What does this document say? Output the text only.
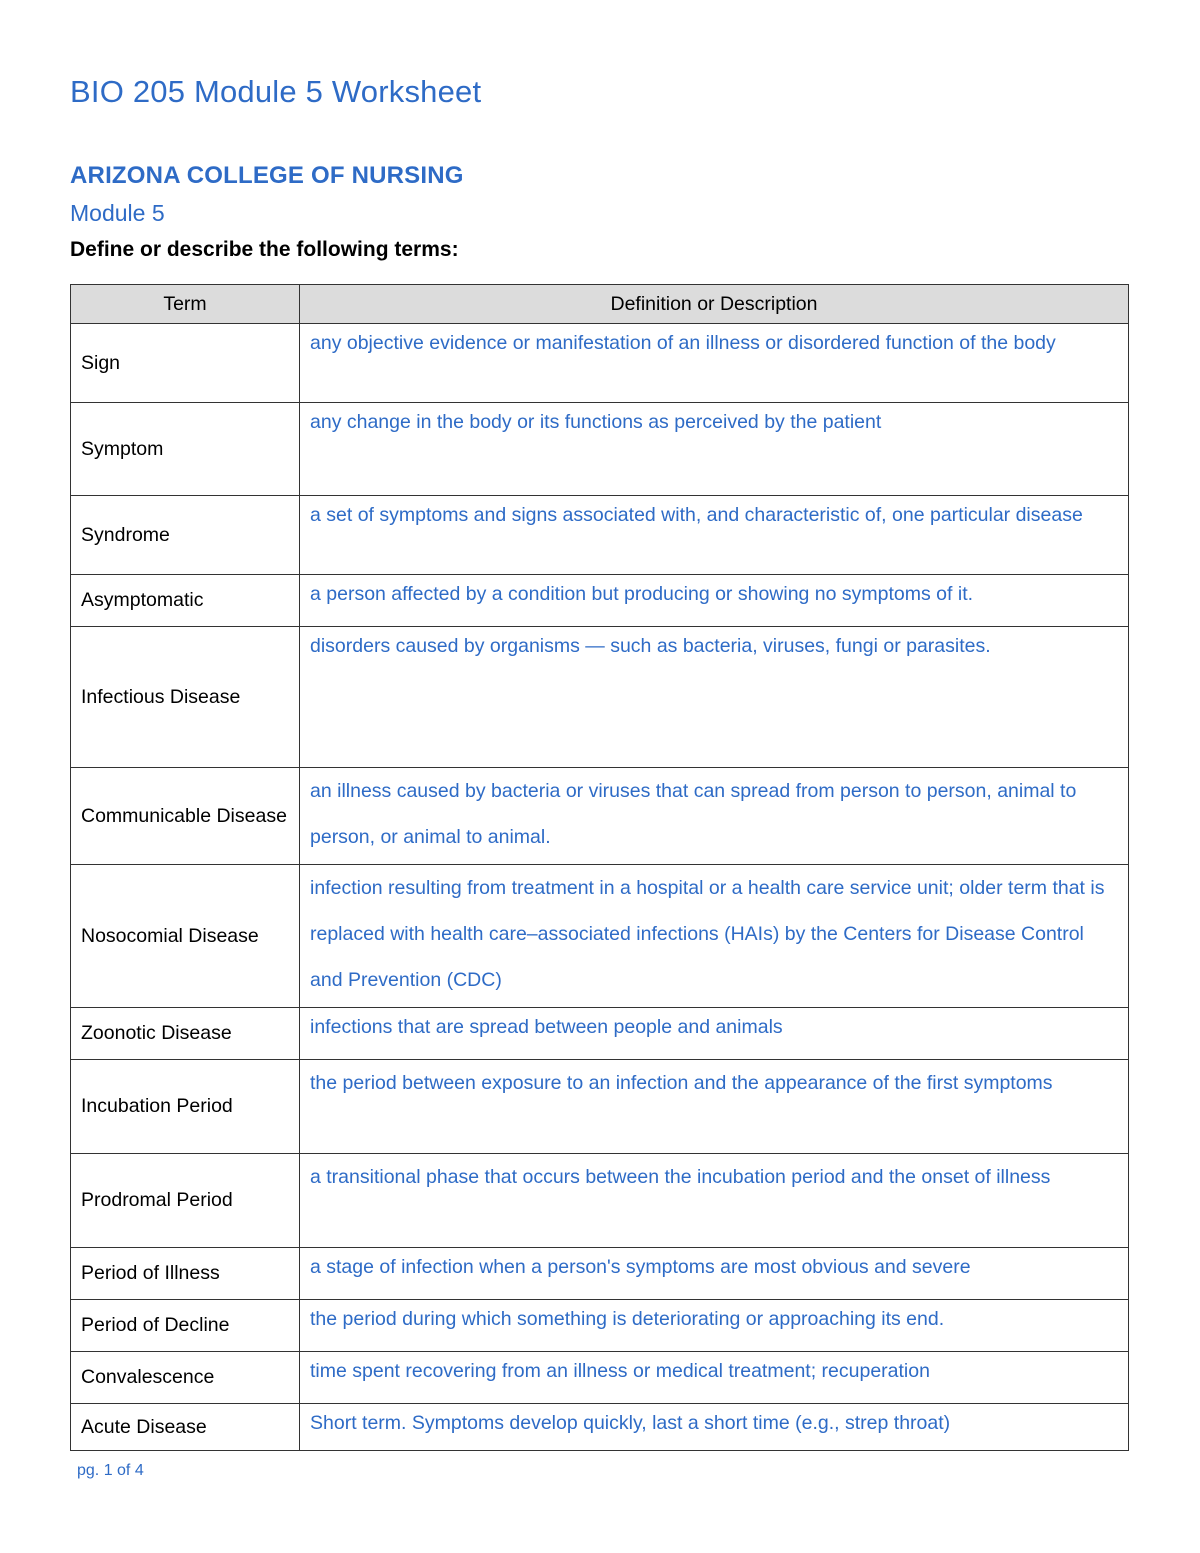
BIO 205 Module 5 Worksheet
ARIZONA COLLEGE OF NURSING
Module 5
Define or describe the following terms:
Term	Definition or Description
Sign	any objective evidence or manifestation of an illness or disordered function of the body
Symptom	any change in the body or its functions as perceived by the patient
Syndrome	a set of symptoms and signs associated with, and characteristic of, one particular disease
Asymptomatic	a person affected by a condition but producing or showing no symptoms of it.
Infectious Disease	disorders caused by organisms — such as bacteria, viruses, fungi or parasites.
Communicable Disease	an illness caused by bacteria or viruses that can spread from person to person, animal to person, or animal to animal.
Nosocomial Disease	infection resulting from treatment in a hospital or a health care service unit; older term that is replaced with health care–associated infections (HAIs) by the Centers for Disease Control and Prevention (CDC)
Zoonotic Disease	infections that are spread between people and animals
Incubation Period	the period between exposure to an infection and the appearance of the first symptoms
Prodromal Period	a transitional phase that occurs between the incubation period and the onset of illness
Period of Illness	a stage of infection when a person's symptoms are most obvious and severe
Period of Decline	the period during which something is deteriorating or approaching its end.
Convalescence	time spent recovering from an illness or medical treatment; recuperation
Acute Disease	Short term. Symptoms develop quickly, last a short time (e.g., strep throat)
pg. 1 of 4
